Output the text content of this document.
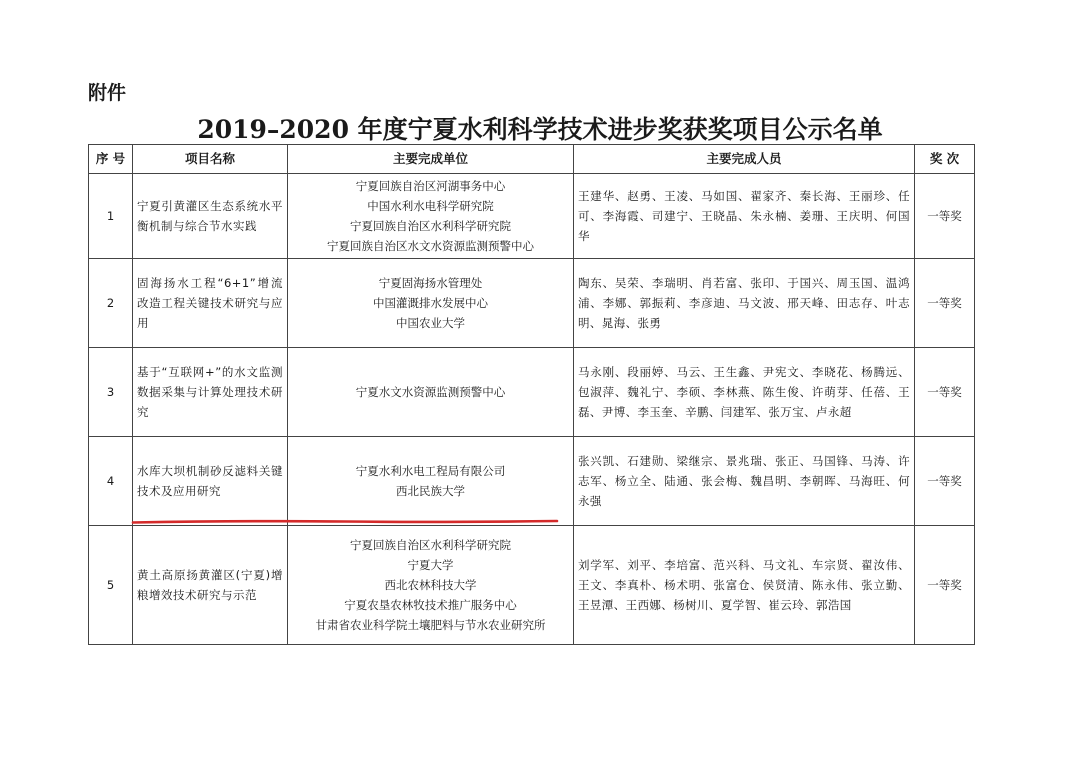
附件
2019–2020 年度宁夏水利科学技术进步奖获奖项目公示名单
序 号	项目名称	主要完成单位	主要完成人员	奖 次
1	宁夏引黄灌区生态系统水平衡机制与综合节水实践	宁夏回族自治区河湖事务中心
中国水利水电科学研究院
宁夏回族自治区水利科学研究院
宁夏回族自治区水文水资源监测预警中心	王建华、赵勇、王凌、马如国、翟家齐、秦长海、王丽珍、任可、李海霞、司建宁、王晓晶、朱永楠、姜珊、王庆明、何国华	一等奖
2	固海扬水工程“6+1”增流改造工程关键技术研究与应用	宁夏固海扬水管理处
中国灌溉排水发展中心
中国农业大学	陶东、吴荣、李瑞明、肖若富、张印、于国兴、周玉国、温鸿浦、李娜、郭振莉、李彦迪、马文波、邢天峰、田志存、叶志明、晁海、张勇	一等奖
3	基于“互联网+”的水文监测数据采集与计算处理技术研究	宁夏水文水资源监测预警中心	马永刚、段丽婷、马云、王生鑫、尹宪文、李晓花、杨腾远、包淑萍、魏礼宁、李硕、李林燕、陈生俊、许萌芽、任蓓、王磊、尹博、李玉奎、辛鹏、闫建军、张万宝、卢永超	一等奖
4	水库大坝机制砂反滤料关键技术及应用研究	宁夏水利水电工程局有限公司
西北民族大学	张兴凯、石建勋、梁继宗、景兆瑞、张正、马国锋、马涛、许志军、杨立全、陆通、张会梅、魏昌明、李朝晖、马海旺、何永强	一等奖
5	黄土高原扬黄灌区(宁夏)增粮增效技术研究与示范	宁夏回族自治区水利科学研究院
宁夏大学
西北农林科技大学
宁夏农垦农林牧技术推广服务中心
甘肃省农业科学院土壤肥料与节水农业研究所	刘学军、刘平、李培富、范兴科、马文礼、车宗贤、翟汝伟、王文、李真朴、杨术明、张富仓、侯贤清、陈永伟、张立勤、王昱潭、王西娜、杨树川、夏学智、崔云玲、郭浩国	一等奖
